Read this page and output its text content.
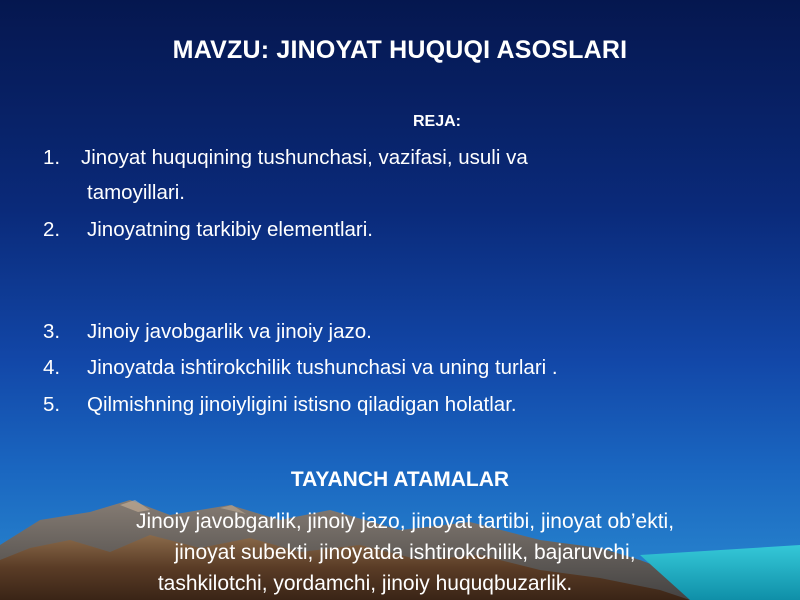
MAVZU: JINOYAT HUQUQI ASOSLARI
REJA:
1. Jinoyat huquqining tushunchasi, vazifasi, usuli va
tamoyillari.
2. Jinoyatning tarkibiy elementlari.
3. Jinoiy javobgarlik va jinoiy jazo.
4. Jinoyatda ishtirokchilik tushunchasi va uning turlari .
5. Qilmishning jinoiyligini istisno qiladigan holatlar.
TAYANCH ATAMALAR
Jinoiy javobgarlik, jinoiy jazo, jinoyat tartibi, jinoyat ob’ekti,
jinoyat subekti, jinoyatda ishtirokchilik, bajaruvchi,
tashkilotchi, yordamchi, jinoiy huquqbuzarlik.
